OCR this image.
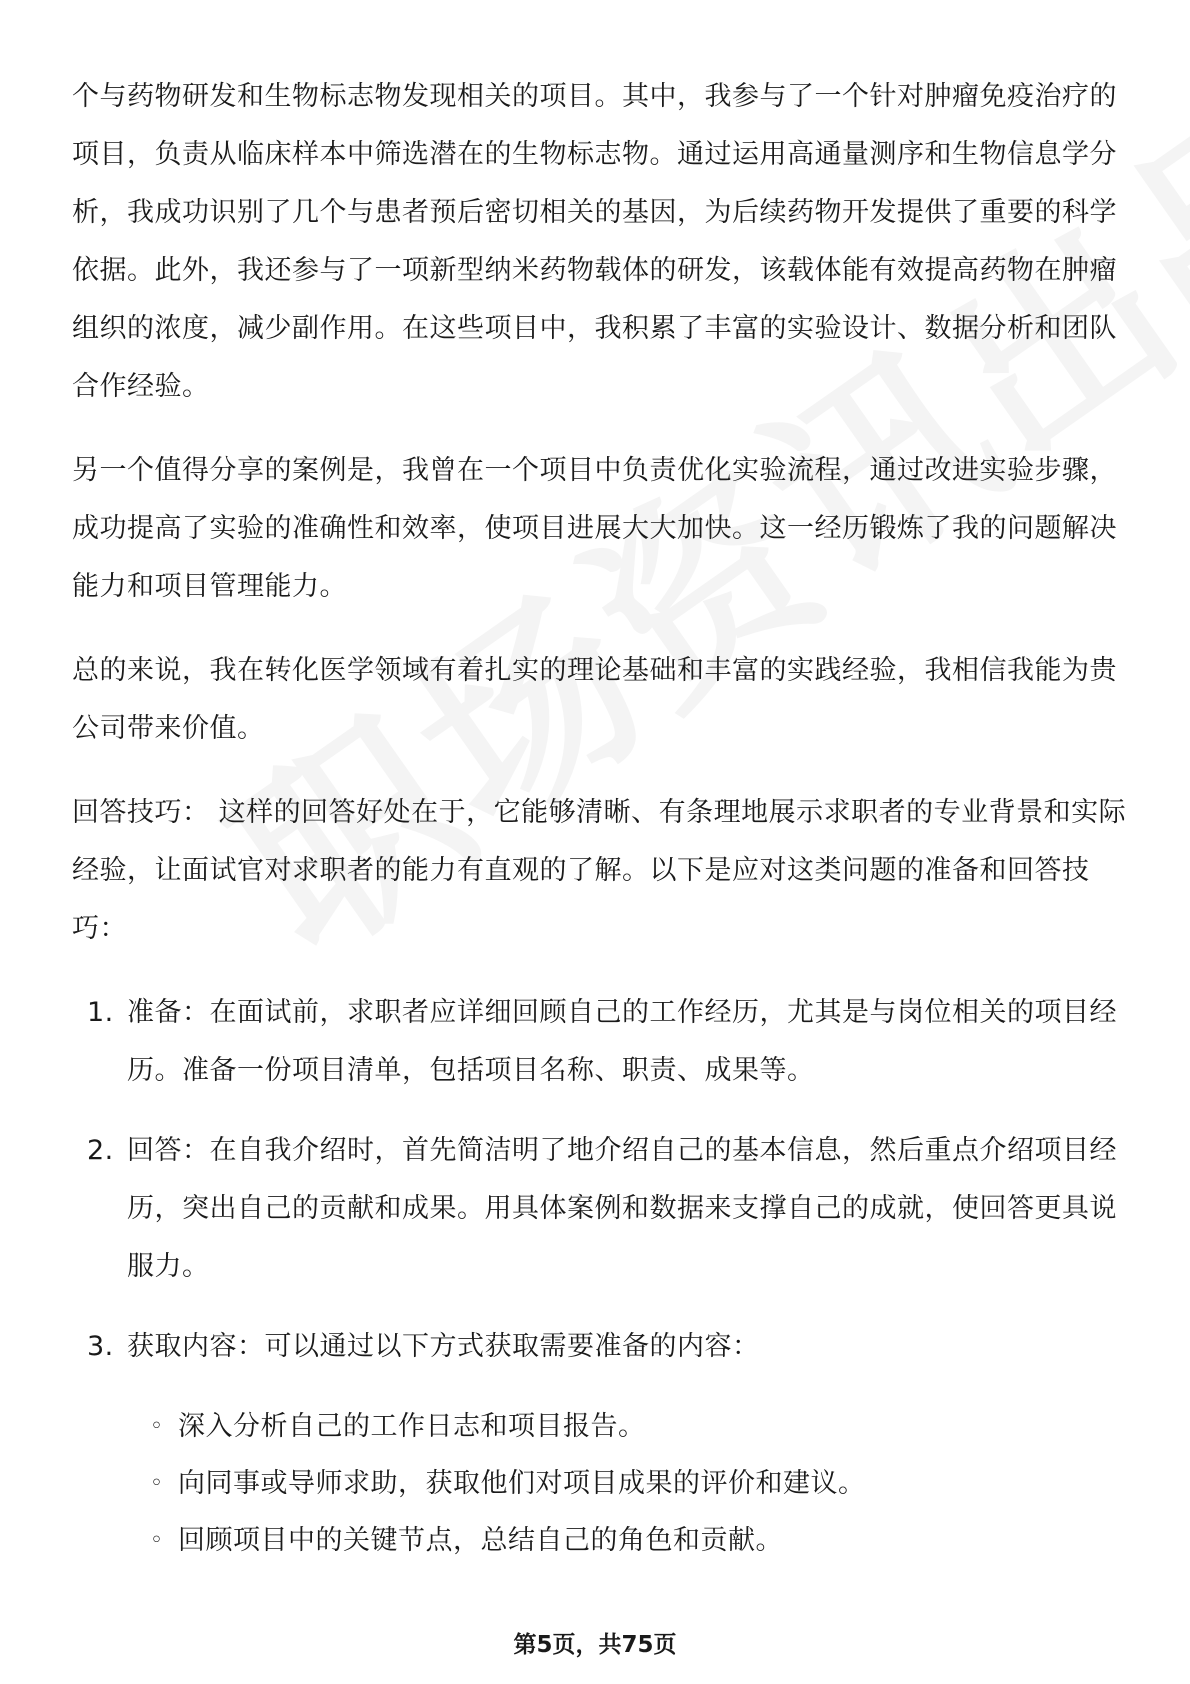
个与药物研发和生物标志物发现相关的项目。其中，我参与了一个针对肿瘤免疫治疗的项目，负责从临床样本中筛选潜在的生物标志物。通过运用高通量测序和生物信息学分析，我成功识别了几个与患者预后密切相关的基因，为后续药物开发提供了重要的科学依据。此外，我还参与了一项新型纳米药物载体的研发，该载体能有效提高药物在肿瘤组织的浓度，减少副作用。在这些项目中，我积累了丰富的实验设计、数据分析和团队合作经验。

另一个值得分享的案例是，我曾在一个项目中负责优化实验流程，通过改进实验步骤，成功提高了实验的准确性和效率，使项目进展大大加快。这一经历锻炼了我的问题解决能力和项目管理能力。

总的来说，我在转化医学领域有着扎实的理论基础和丰富的实践经验，我相信我能为贵公司带来价值。

回答技巧： 这样的回答好处在于，它能够清晰、有条理地展示求职者的专业背景和实际经验，让面试官对求职者的能力有直观的了解。以下是应对这类问题的准备和回答技巧：

1. 准备：在面试前，求职者应详细回顾自己的工作经历，尤其是与岗位相关的项目经历。准备一份项目清单，包括项目名称、职责、成果等。
2. 回答：在自我介绍时，首先简洁明了地介绍自己的基本信息，然后重点介绍项目经历，突出自己的贡献和成果。用具体案例和数据来支撑自己的成就，使回答更具说服力。
3. 获取内容：可以通过以下方式获取需要准备的内容：
◦ 深入分析自己的工作日志和项目报告。
◦ 向同事或导师求助，获取他们对项目成果的评价和建议。
◦ 回顾项目中的关键节点，总结自己的角色和贡献。
第5页，共75页
